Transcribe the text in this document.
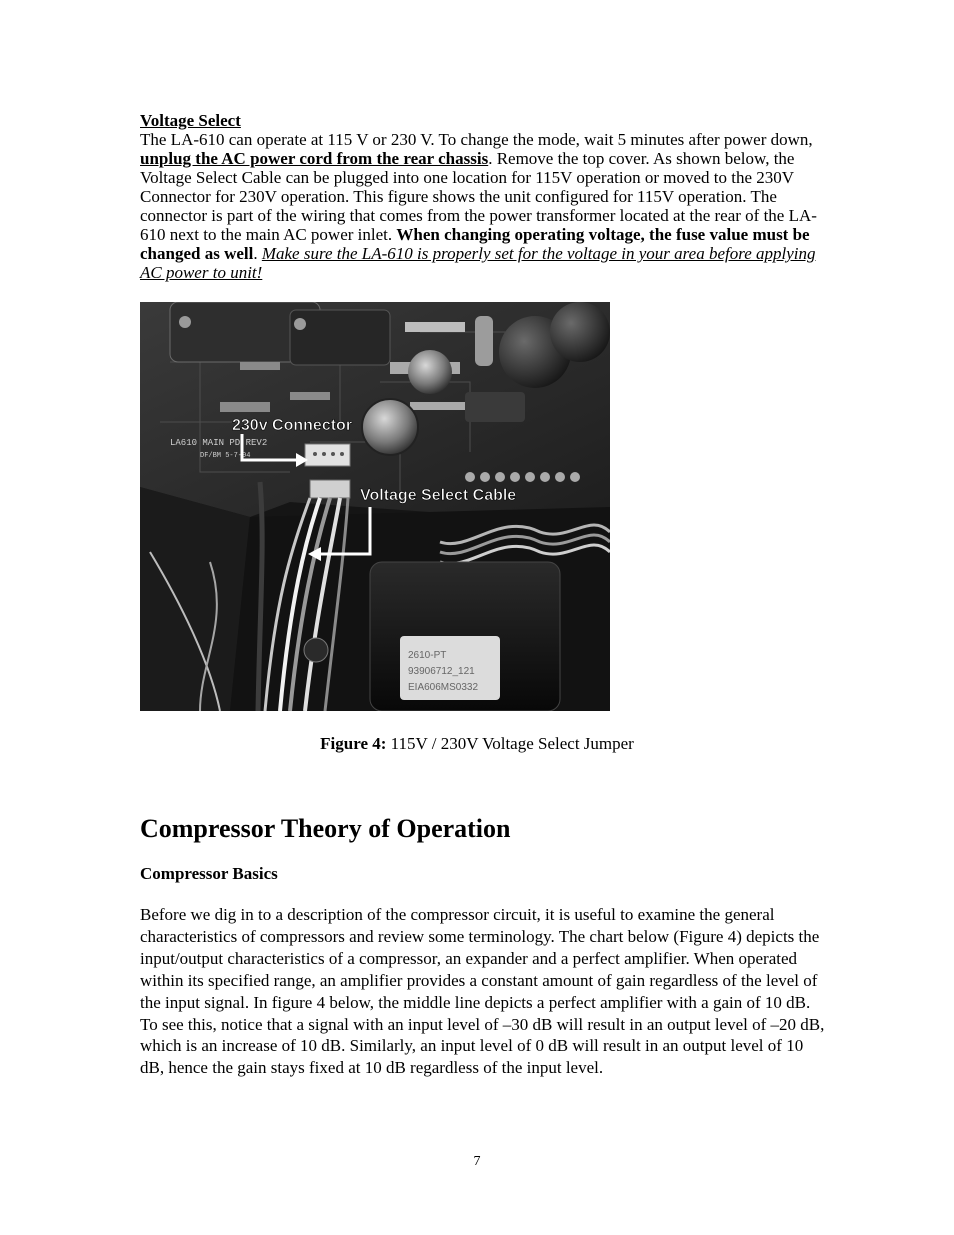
Voltage Select
The LA-610 can operate at 115 V or 230 V. To change the mode, wait 5 minutes after power down, unplug the AC power cord from the rear chassis. Remove the top cover. As shown below, the Voltage Select Cable can be plugged into one location for 115V operation or moved to the 230V Connector for 230V operation. This figure shows the unit configured for 115V operation. The connector is part of the wiring that comes from the power transformer located at the rear of the LA-610 next to the main AC power inlet. When changing operating voltage, the fuse value must be changed as well. Make sure the LA-610 is properly set for the voltage in your area before applying AC power to unit!
LA610 MAIN PD REV2
DF/BM 5-7-04
2610-PT
93906712_121
EIA606MS0332
230v Connector
Voltage Select Cable
Figure 4: 115V / 230V Voltage Select Jumper
Compressor Theory of Operation
Compressor Basics
Before we dig in to a description of the compressor circuit, it is useful to examine the general characteristics of compressors and review some terminology. The chart below (Figure 4) depicts the input/output characteristics of a compressor, an expander and a perfect amplifier. When operated within its specified range, an amplifier provides a constant amount of gain regardless of the level of the input signal. In figure 4 below, the middle line depicts a perfect amplifier with a gain of 10 dB. To see this, notice that a signal with an input level of –30 dB will result in an output level of –20 dB, which is an increase of 10 dB. Similarly, an input level of 0 dB will result in an output level of 10 dB, hence the gain stays fixed at 10 dB regardless of the input level.
7
